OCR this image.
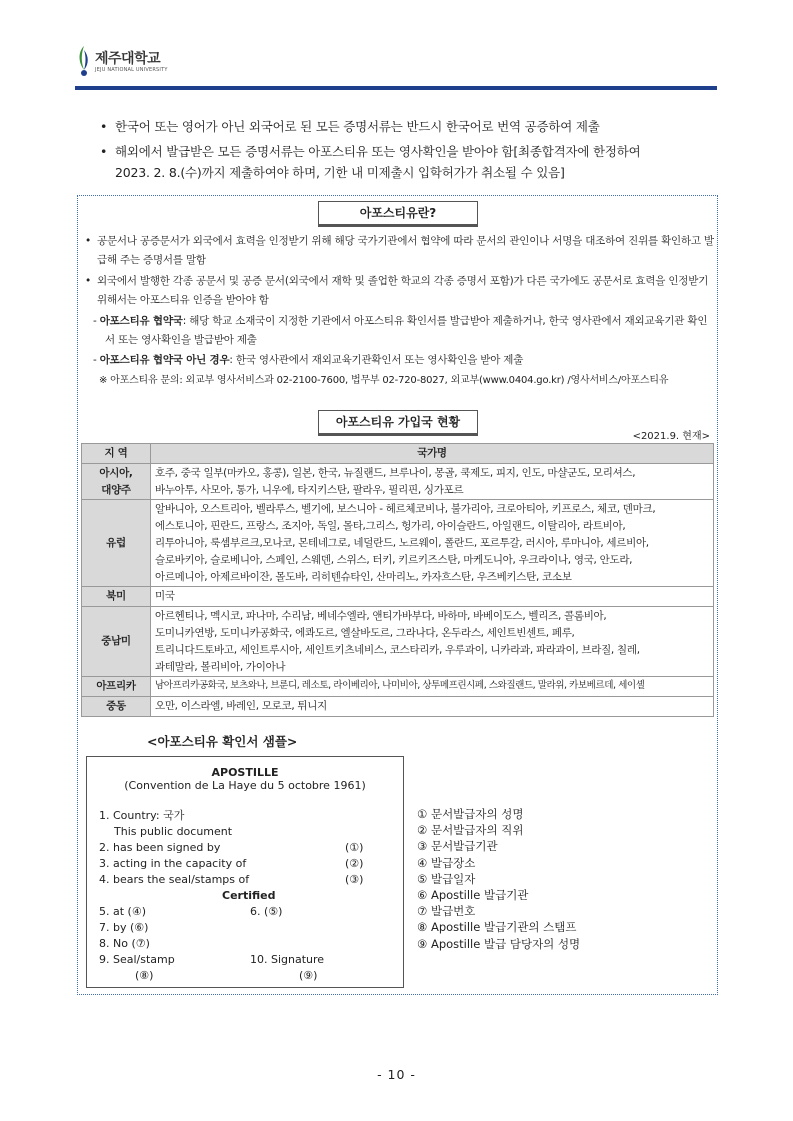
제주대학교
JEJU NATIONAL UNIVERSITY
• 한국어 또는 영어가 아닌 외국어로 된 모든 증명서류는 반드시 한국어로 번역 공증하여 제출
• 해외에서 발급받은 모든 증명서류는 아포스티유 또는 영사확인을 받아야 함[최종합격자에 한정하여
2023. 2. 8.(수)까지 제출하여야 하며, 기한 내 미제출시 입학허가가 취소될 수 있음]
아포스티유란?
• 공문서나 공증문서가 외국에서 효력을 인정받기 위해 해당 국가기관에서 협약에 따라 문서의 관인이나 서명을 대조하여 진위를 확인하고 발급해 주는 증명서를 말함
• 외국에서 발행한 각종 공문서 및 공증 문서(외국에서 재학 및 졸업한 학교의 각종 증명서 포함)가 다른 국가에도 공문서로 효력을 인정받기 위해서는 아포스티유 인증을 받아야 함
- 아포스티유 협약국: 해당 학교 소재국이 지정한 기관에서 아포스티유 확인서를 발급받아 제출하거나, 한국 영사관에서 재외교육기관 확인서 또는 영사확인을 발급받아 제출
- 아포스티유 협약국 아닌 경우: 한국 영사관에서 재외교육기관확인서 또는 영사확인을 받아 제출
※ 아포스티유 문의: 외교부 영사서비스과 02-2100-7600, 법무부 02-720-8027, 외교부(www.0404.go.kr) /영사서비스/아포스티유
아포스티유 가입국 현황
<2021.9. 현재>
지 역	국가명
아시아,
대양주	호주, 중국 일부(마카오, 홍콩), 일본, 한국, 뉴질랜드, 브루나이, 몽골, 쿡제도, 피지, 인도, 마샬군도, 모리셔스,
바누아투, 사모아, 통가, 니우에, 타지키스탄, 팔라우, 필리핀, 싱가포르
유럽	알바니아, 오스트리아, 벨라루스, 벨기에, 보스니아 - 헤르체코비나, 불가리아, 크로아티아, 키프로스, 체코, 덴마크,
에스토니아, 핀란드, 프랑스, 조지아, 독일, 몰타,그리스, 헝가리, 아이슬란드, 아일랜드, 이탈리아, 라트비아,
리투아니아, 룩셈부르크,모나코, 몬테네그로, 네덜란드, 노르웨이, 폴란드, 포르투갈, 러시아, 루마니아, 세르비아,
슬로바키아, 슬로베니아, 스페인, 스웨덴, 스위스, 터키, 키르키즈스탄, 마케도니아, 우크라이나, 영국, 안도라,
아르메니아, 아제르바이잔, 몰도바, 리히텐슈타인, 산마리노, 카자흐스탄, 우즈베키스탄, 코소보
북미	미국
중남미	아르헨티나, 멕시코, 파나마, 수리남, 베네수엘라, 앤티가바부다, 바하마, 바베이도스, 벨리즈, 콜롬비아,
도미니카연방, 도미니카공화국, 에콰도르, 엘살바도르, 그라나다, 온두라스, 세인트빈센트, 페루,
트리니다드토바고, 세인트루시아, 세인트키츠네비스, 코스타리카, 우루과이, 니카라과, 파라과이, 브라질, 칠레,
과테말라, 볼리비아, 가이아나
아프리카	남아프리카공화국, 보츠와나, 브룬디, 레소토, 라이베리아, 나미비아, 상투메프린시페, 스와질랜드, 말라위, 카보베르데, 세이셸
중동	오만, 이스라엘, 바레인, 모로코, 튀니지
<아포스티유 확인서 샘플>
APOSTILLE
(Convention de La Haye du 5 octobre 1961)
1. Country: 국가
This public document
2. has been signed by	(①)
3. acting in the capacity of	(②)
4. bears the seal/stamps of	(③)
Certified
5. at (④)	6. (⑤)
7. by (⑥)
8. No (⑦)
9. Seal/stamp	10. Signature
(⑧)	(⑨)
① 문서발급자의 성명
② 문서발급자의 직위
③ 문서발급기관
④ 발급장소
⑤ 발급일자
⑥ Apostille 발급기관
⑦ 발급번호
⑧ Apostille 발급기관의 스탬프
⑨ Apostille 발급 담당자의 성명
- 10 -
